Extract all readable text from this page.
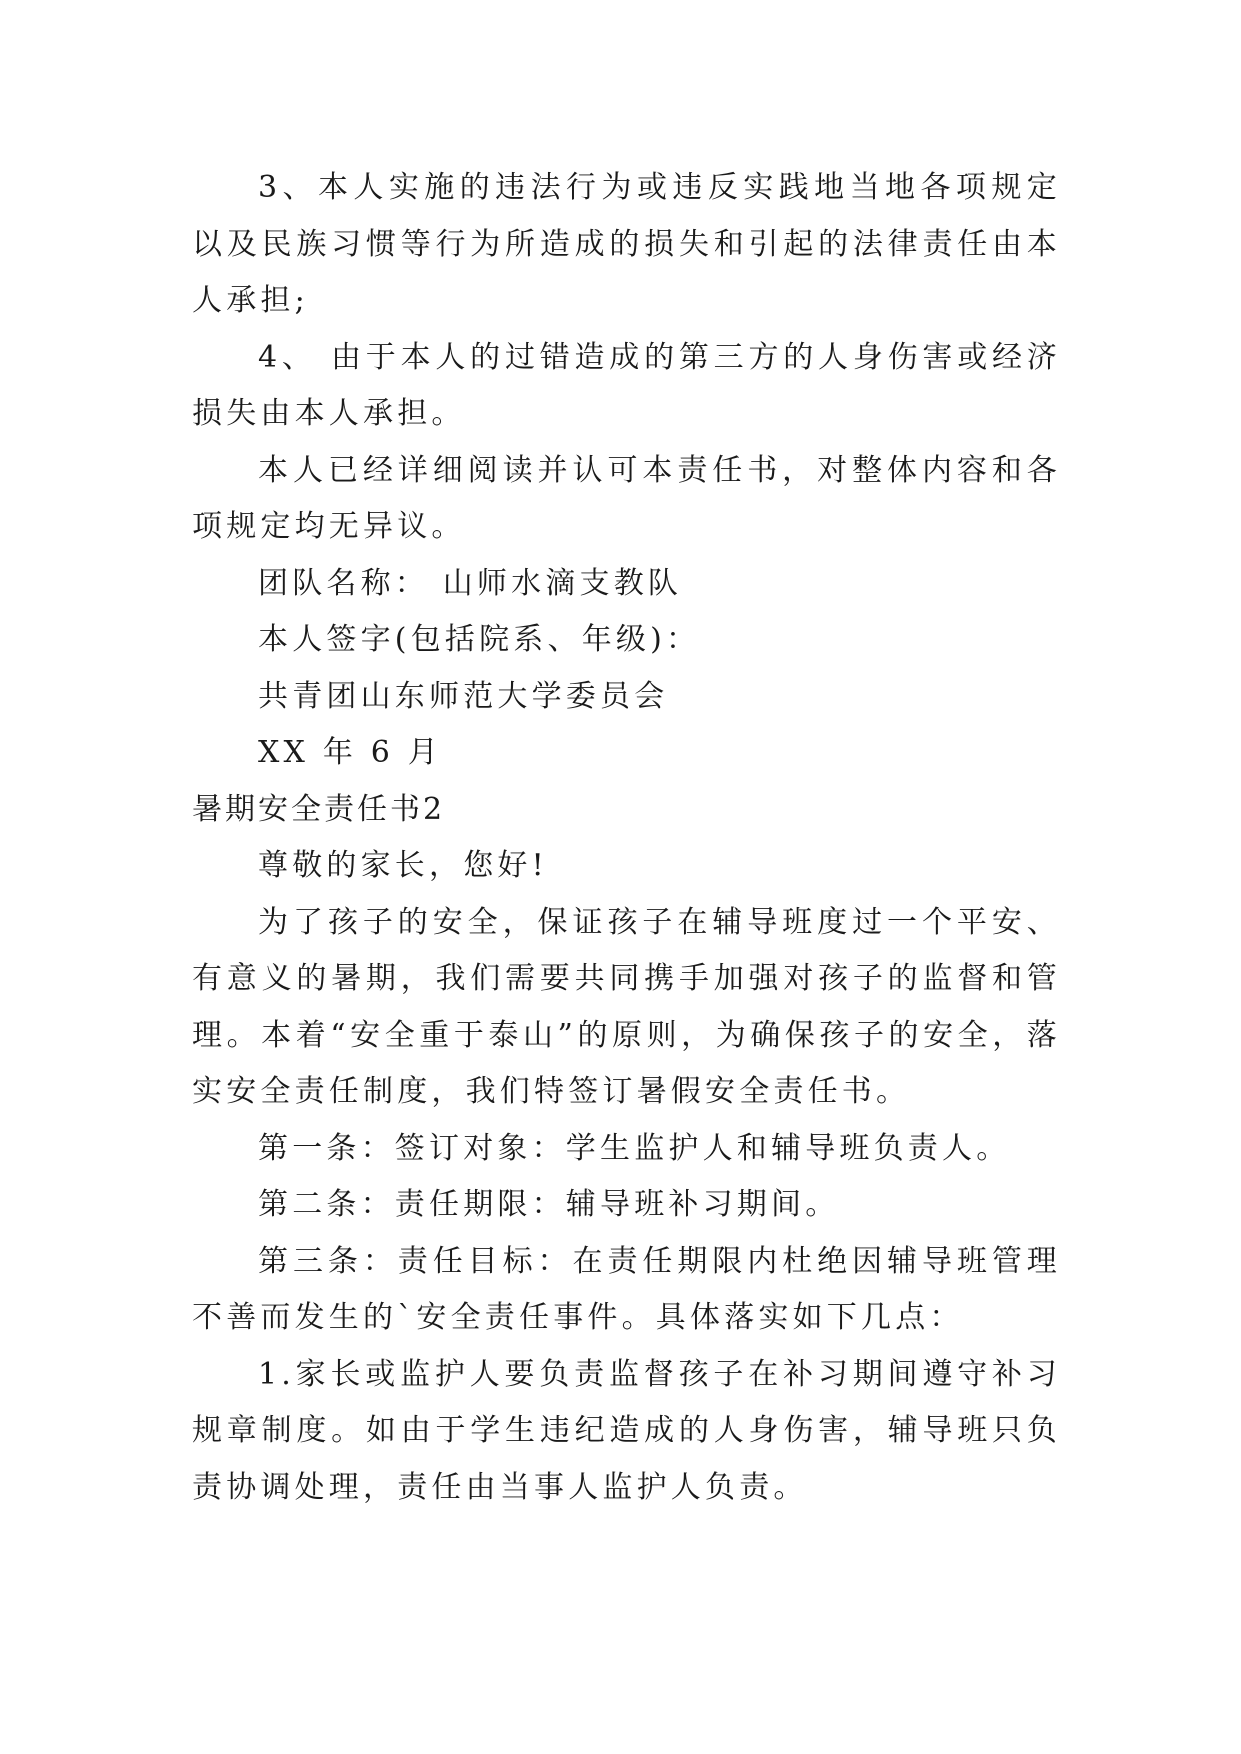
3、本人实施的违法行为或违反实践地当地各项规定以及民族习惯等行为所造成的损失和引起的法律责任由本人承担;

4、 由于本人的过错造成的第三方的人身伤害或经济损失由本人承担。

本人已经详细阅读并认可本责任书，对整体内容和各项规定均无异议。

团队名称： 山师水滴支教队

本人签字(包括院系、年级)：

共青团山东师范大学委员会

XX 年 6 月

暑期安全责任书2

尊敬的家长，您好!

为了孩子的安全，保证孩子在辅导班度过一个平安、有意义的暑期，我们需要共同携手加强对孩子的监督和管理。本着“安全重于泰山”的原则，为确保孩子的安全，落实安全责任制度，我们特签订暑假安全责任书。

第一条：签订对象：学生监护人和辅导班负责人。

第二条：责任期限：辅导班补习期间。

第三条：责任目标：在责任期限内杜绝因辅导班管理不善而发生的`安全责任事件。具体落实如下几点：

1.家长或监护人要负责监督孩子在补习期间遵守补习规章制度。如由于学生违纪造成的人身伤害，辅导班只负责协调处理，责任由当事人监护人负责。
